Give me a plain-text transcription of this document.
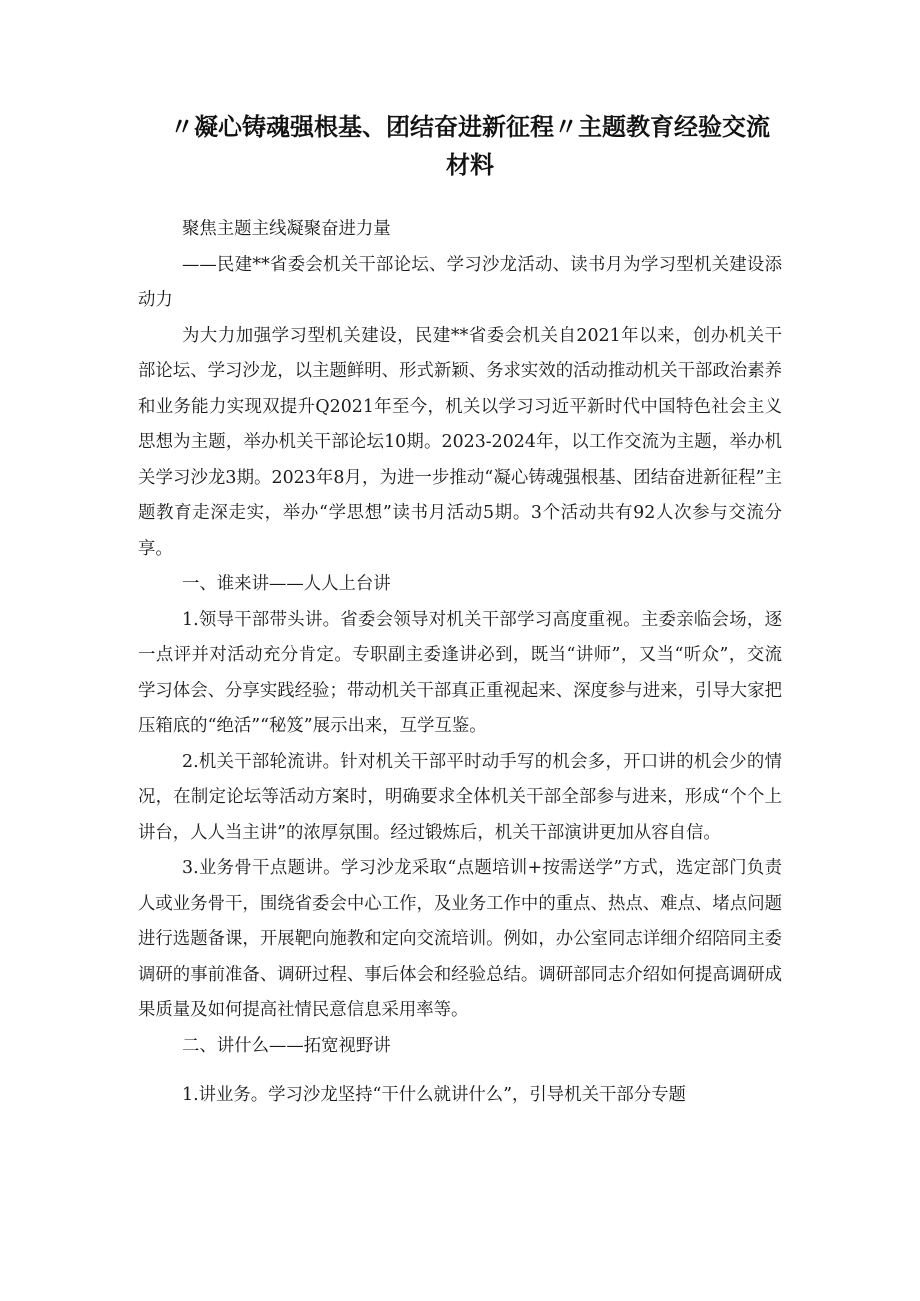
〃凝心铸魂强根基、团结奋进新征程〃主题教育经验交流
材料

聚焦主题主线凝聚奋进力量

——民建**省委会机关干部论坛、学习沙龙活动、读书月为学习型机关建设添动力

为大力加强学习型机关建设，民建**省委会机关自2021年以来，创办机关干部论坛、学习沙龙，以主题鲜明、形式新颖、务求实效的活动推动机关干部政治素养和业务能力实现双提升Q2021年至今，机关以学习习近平新时代中国特色社会主义思想为主题，举办机关干部论坛10期。2023-2024年，以工作交流为主题，举办机关学习沙龙3期。2023年8月，为进一步推动“凝心铸魂强根基、团结奋进新征程”主题教育走深走实，举办“学思想”读书月活动5期。3个活动共有92人次参与交流分享。

一、谁来讲——人人上台讲

1.领导干部带头讲。省委会领导对机关干部学习高度重视。主委亲临会场，逐一点评并对活动充分肯定。专职副主委逢讲必到，既当“讲师”，又当“听众”，交流学习体会、分享实践经验；带动机关干部真正重视起来、深度参与进来，引导大家把压箱底的“绝活”“秘笈”展示出来，互学互鉴。

2.机关干部轮流讲。针对机关干部平时动手写的机会多，开口讲的机会少的情况，在制定论坛等活动方案时，明确要求全体机关干部全部参与进来，形成“个个上讲台，人人当主讲”的浓厚氛围。经过锻炼后，机关干部演讲更加从容自信。

3.业务骨干点题讲。学习沙龙采取“点题培训+按需送学”方式，选定部门负责人或业务骨干，围绕省委会中心工作，及业务工作中的重点、热点、难点、堵点问题进行选题备课，开展靶向施教和定向交流培训。例如，办公室同志详细介绍陪同主委调研的事前准备、调研过程、事后体会和经验总结。调研部同志介绍如何提高调研成果质量及如何提高社情民意信息采用率等。

二、讲什么——拓宽视野讲

1.讲业务。学习沙龙坚持“干什么就讲什么”，引导机关干部分专题
